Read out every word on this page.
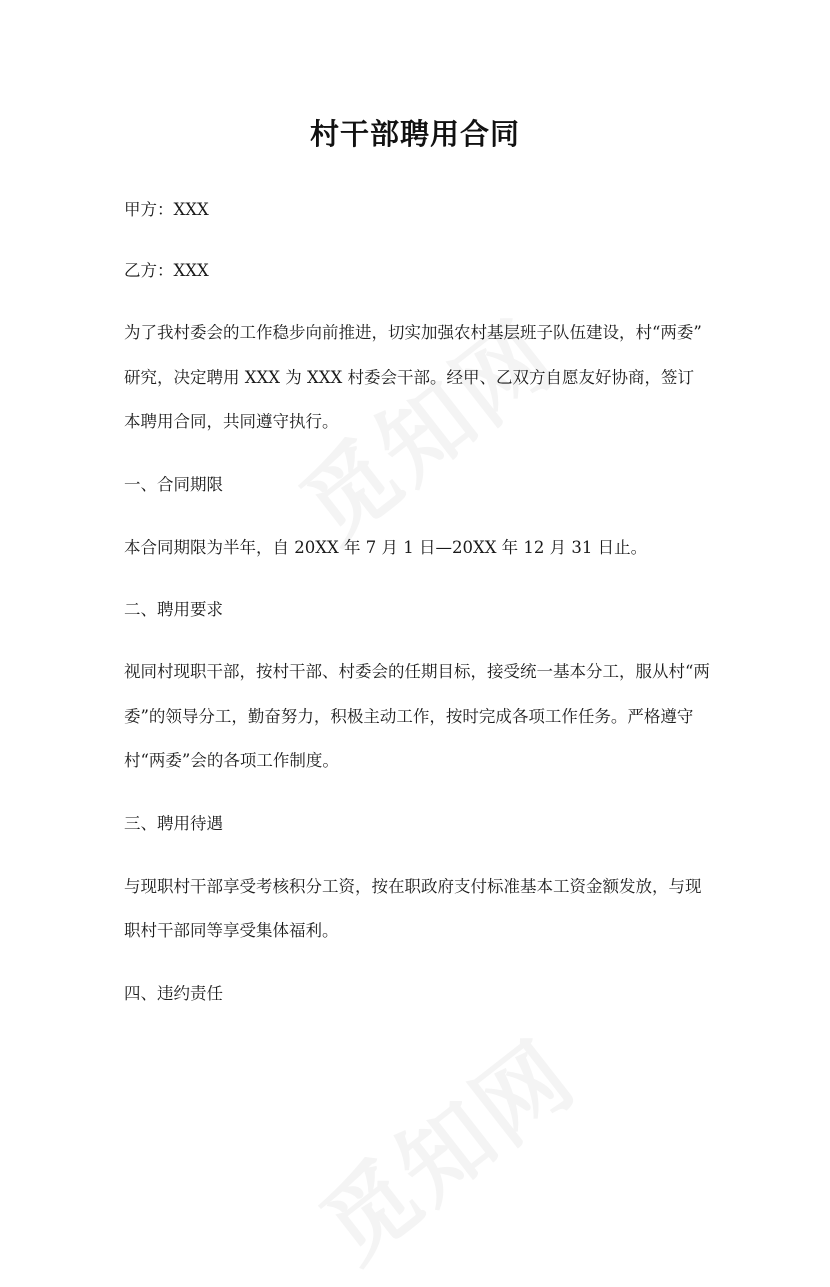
村干部聘用合同
甲方：XXX
乙方：XXX
为了我村委会的工作稳步向前推进，切实加强农村基层班子队伍建设，村“两委”
研究，决定聘用 XXX 为 XXX 村委会干部。经甲、乙双方自愿友好协商，签订
本聘用合同，共同遵守执行。
一、合同期限
本合同期限为半年，自 20XX 年 7 月 1 日—20XX 年 12 月 31 日止。
二、聘用要求
视同村现职干部，按村干部、村委会的任期目标，接受统一基本分工，服从村“两
委”的领导分工，勤奋努力，积极主动工作，按时完成各项工作任务。严格遵守
村“两委”会的各项工作制度。
三、聘用待遇
与现职村干部享受考核积分工资，按在职政府支付标准基本工资金额发放，与现
职村干部同等享受集体福利。
四、违约责任
